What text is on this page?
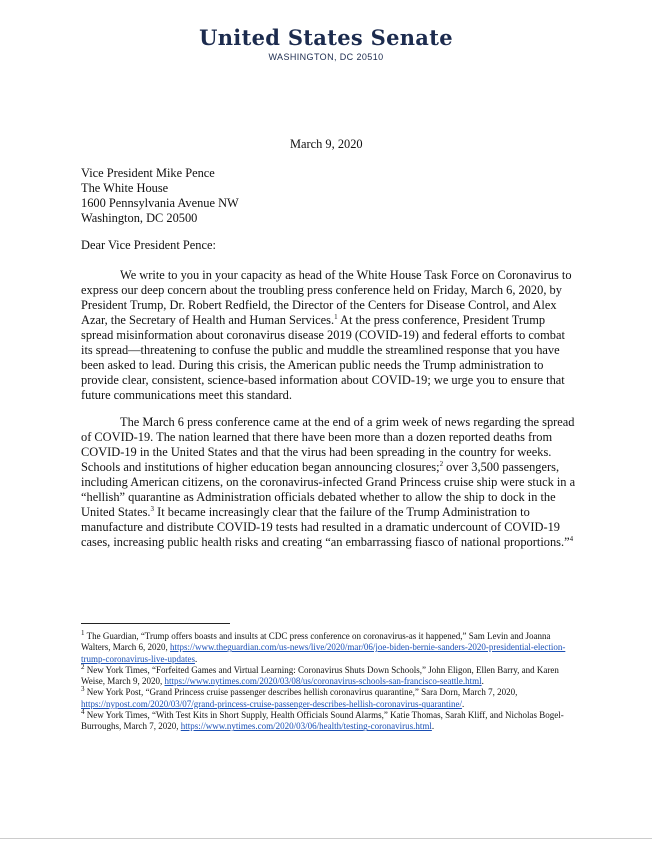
United States Senate
WASHINGTON, DC 20510
March 9, 2020
Vice President Mike Pence
The White House
1600 Pennsylvania Avenue NW
Washington, DC 20500
Dear Vice President Pence:

We write to you in your capacity as head of the White House Task Force on Coronavirus to express our deep concern about the troubling press conference held on Friday, March 6, 2020, by President Trump, Dr. Robert Redfield, the Director of the Centers for Disease Control, and Alex Azar, the Secretary of Health and Human Services.$^1$ At the press conference, President Trump spread misinformation about coronavirus disease 2019 (COVID-19) and federal efforts to combat its spread—threatening to confuse the public and muddle the streamlined response that you have been asked to lead. During this crisis, the American public needs the Trump administration to provide clear, consistent, science-based information about COVID-19; we urge you to ensure that future communications meet this standard.

The March 6 press conference came at the end of a grim week of news regarding the spread of COVID-19. The nation learned that there have been more than a dozen reported deaths from COVID-19 in the United States and that the virus had been spreading in the country for weeks. Schools and institutions of higher education began announcing closures;$^2$ over 3,500 passengers, including American citizens, on the coronavirus-infected Grand Princess cruise ship were stuck in a “hellish” quarantine as Administration officials debated whether to allow the ship to dock in the United States.$^3$ It became increasingly clear that the failure of the Trump Administration to manufacture and distribute COVID-19 tests had resulted in a dramatic undercount of COVID-19 cases, increasing public health risks and creating “an embarrassing fiasco of national proportions.”$^4$

$^1$ The Guardian, “Trump offers boasts and insults at CDC press conference on coronavirus-as it happened,” Sam Levin and Joanna Walters, March 6, 2020, https://www.theguardian.com/us-news/live/2020/mar/06/joe-biden-bernie-sanders-2020-presidential-election-trump-coronavirus-live-updates.

$^2$ New York Times, “Forfeited Games and Virtual Learning: Coronavirus Shuts Down Schools,” John Eligon, Ellen Barry, and Karen Weise, March 9, 2020, https://www.nytimes.com/2020/03/08/us/coronavirus-schools-san-francisco-seattle.html.

$^3$ New York Post, “Grand Princess cruise passenger describes hellish coronavirus quarantine,” Sara Dorn, March 7, 2020, https://nypost.com/2020/03/07/grand-princess-cruise-passenger-describes-hellish-coronavirus-quarantine/.

$^4$ New York Times, “With Test Kits in Short Supply, Health Officials Sound Alarms,” Katie Thomas, Sarah Kliff, and Nicholas Bogel-Burroughs, March 7, 2020, https://www.nytimes.com/2020/03/06/health/testing-coronavirus.html.
